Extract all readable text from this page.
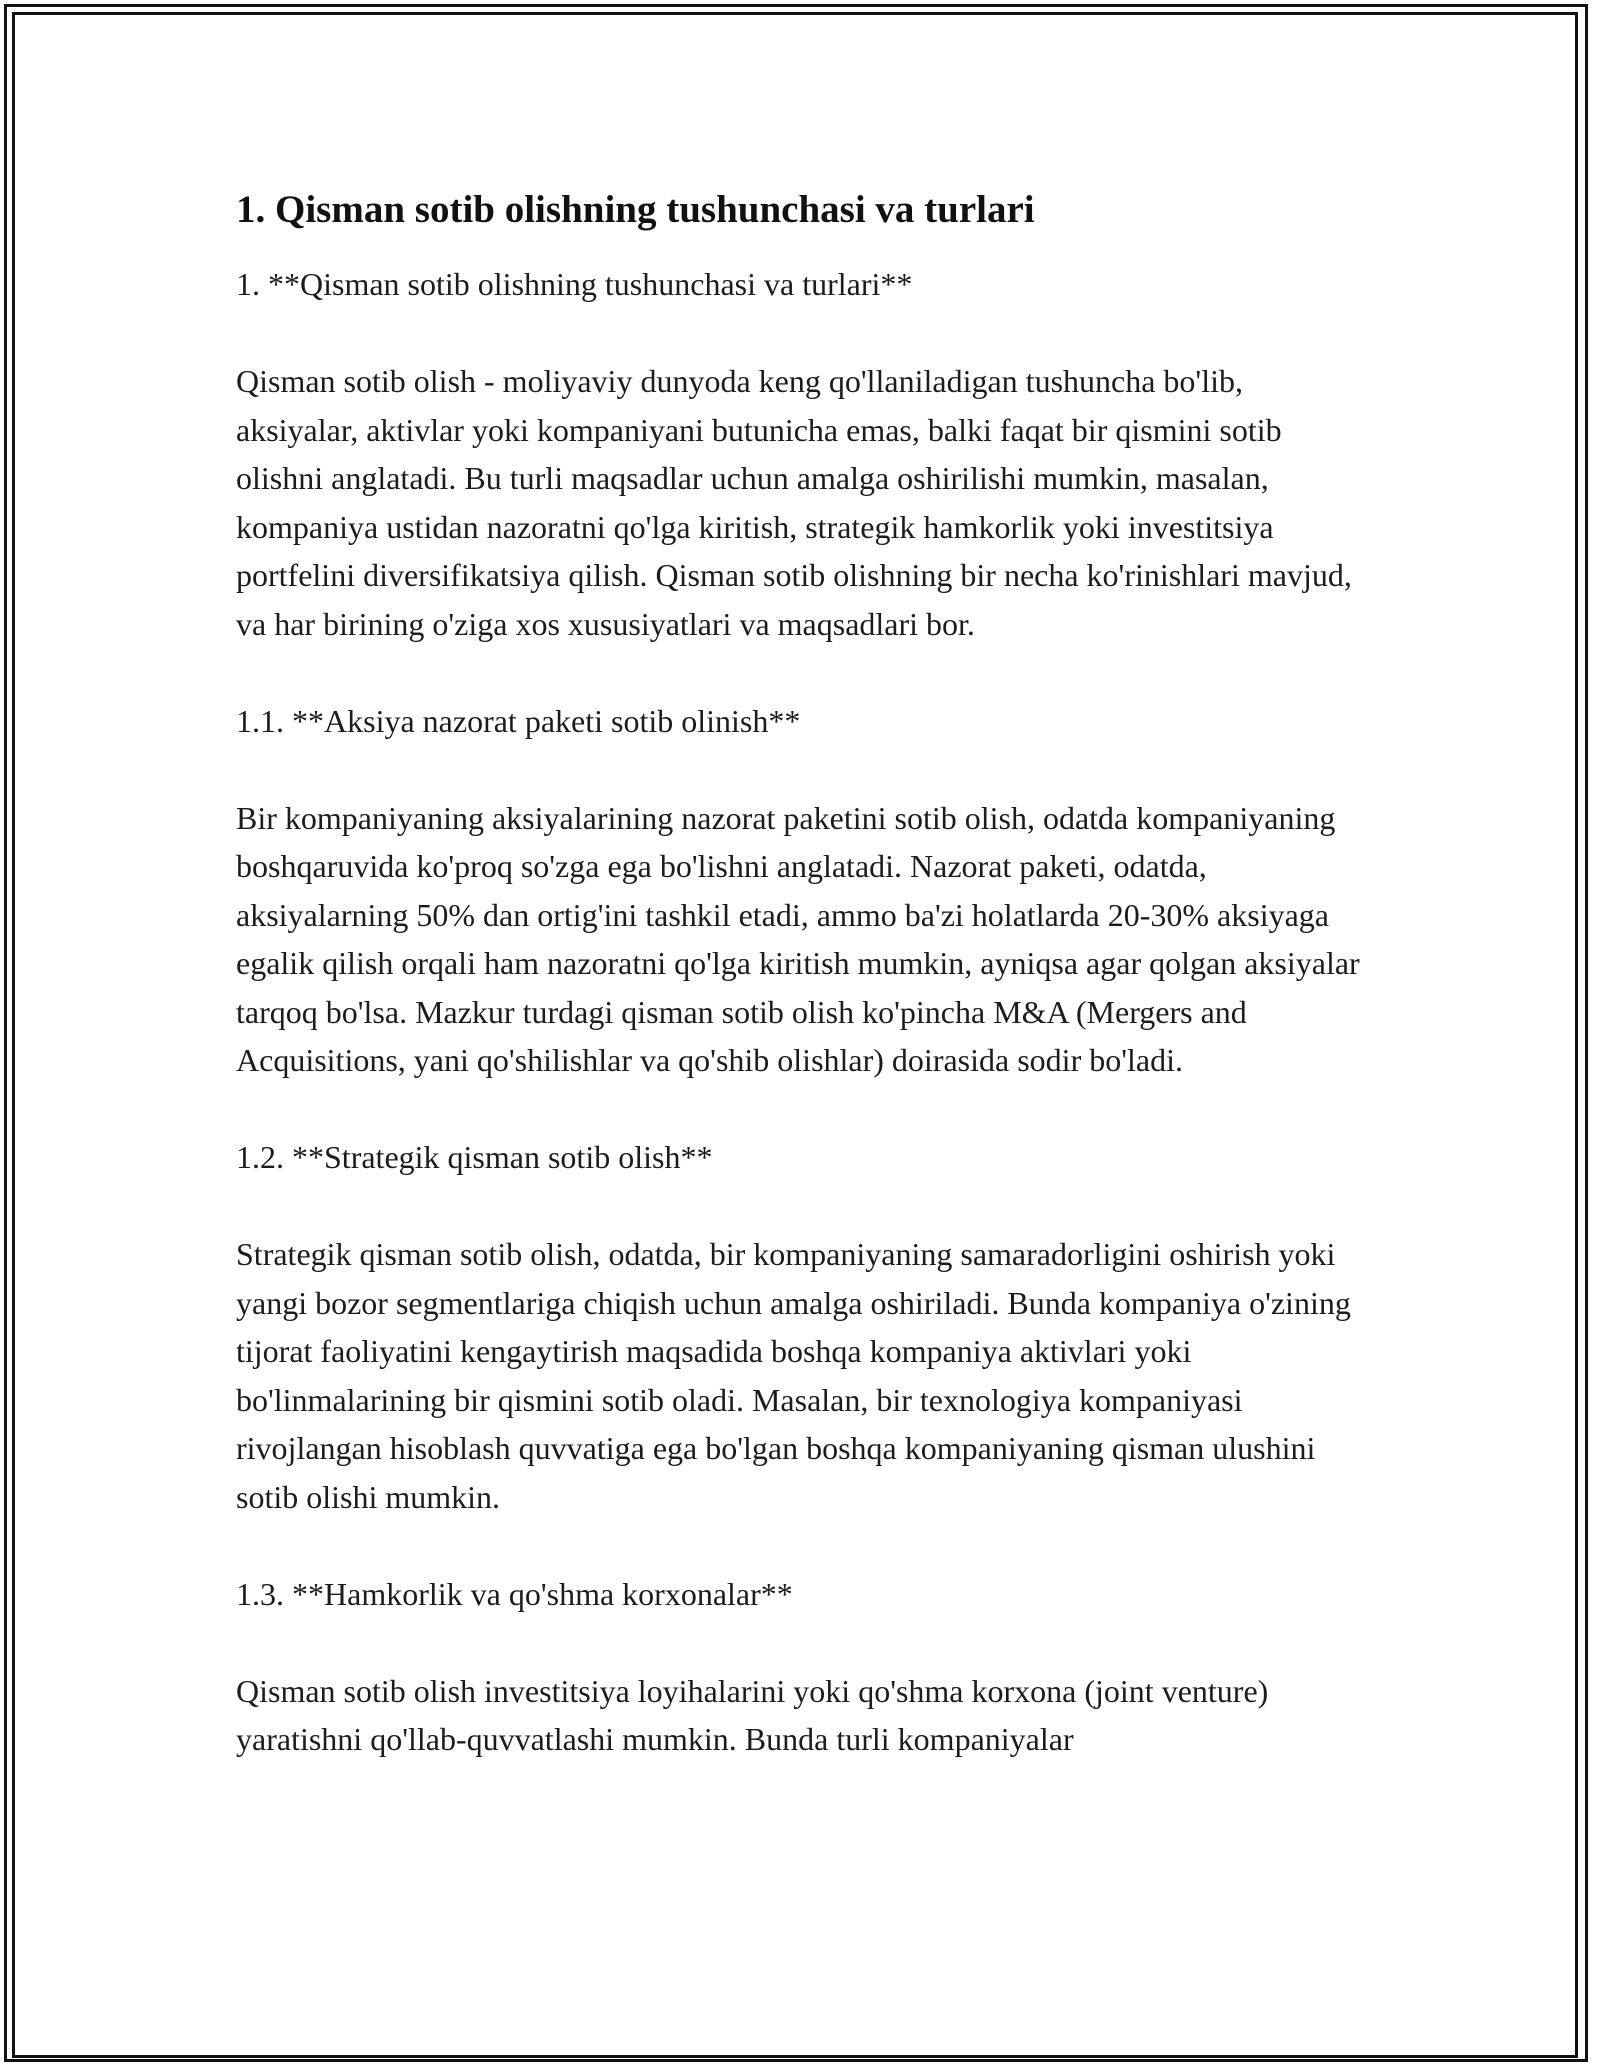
1. Qisman sotib olishning tushunchasi va turlari

1. **Qisman sotib olishning tushunchasi va turlari**

Qisman sotib olish - moliyaviy dunyoda keng qo'llaniladigan tushuncha bo'lib, aksiyalar, aktivlar yoki kompaniyani butunicha emas, balki faqat bir qismini sotib olishni anglatadi. Bu turli maqsadlar uchun amalga oshirilishi mumkin, masalan, kompaniya ustidan nazoratni qo'lga kiritish, strategik hamkorlik yoki investitsiya portfelini diversifikatsiya qilish. Qisman sotib olishning bir necha ko'rinishlari mavjud, va har birining o'ziga xos xususiyatlari va maqsadlari bor.

1.1. **Aksiya nazorat paketi sotib olinish**

Bir kompaniyaning aksiyalarining nazorat paketini sotib olish, odatda kompaniyaning boshqaruvida ko'proq so'zga ega bo'lishni anglatadi. Nazorat paketi, odatda, aksiyalarning 50% dan ortig'ini tashkil etadi, ammo ba'zi holatlarda 20-30% aksiyaga egalik qilish orqali ham nazoratni qo'lga kiritish mumkin, ayniqsa agar qolgan aksiyalar tarqoq bo'lsa. Mazkur turdagi qisman sotib olish ko'pincha M&A (Mergers and Acquisitions, yani qo'shilishlar va qo'shib olishlar) doirasida sodir bo'ladi.

1.2. **Strategik qisman sotib olish**

Strategik qisman sotib olish, odatda, bir kompaniyaning samaradorligini oshirish yoki yangi bozor segmentlariga chiqish uchun amalga oshiriladi. Bunda kompaniya o'zining tijorat faoliyatini kengaytirish maqsadida boshqa kompaniya aktivlari yoki bo'linmalarining bir qismini sotib oladi. Masalan, bir texnologiya kompaniyasi rivojlangan hisoblash quvvatiga ega bo'lgan boshqa kompaniyaning qisman ulushini sotib olishi mumkin.

1.3. **Hamkorlik va qo'shma korxonalar**

Qisman sotib olish investitsiya loyihalarini yoki qo'shma korxona (joint venture) yaratishni qo'llab-quvvatlashi mumkin. Bunda turli kompaniyalar
